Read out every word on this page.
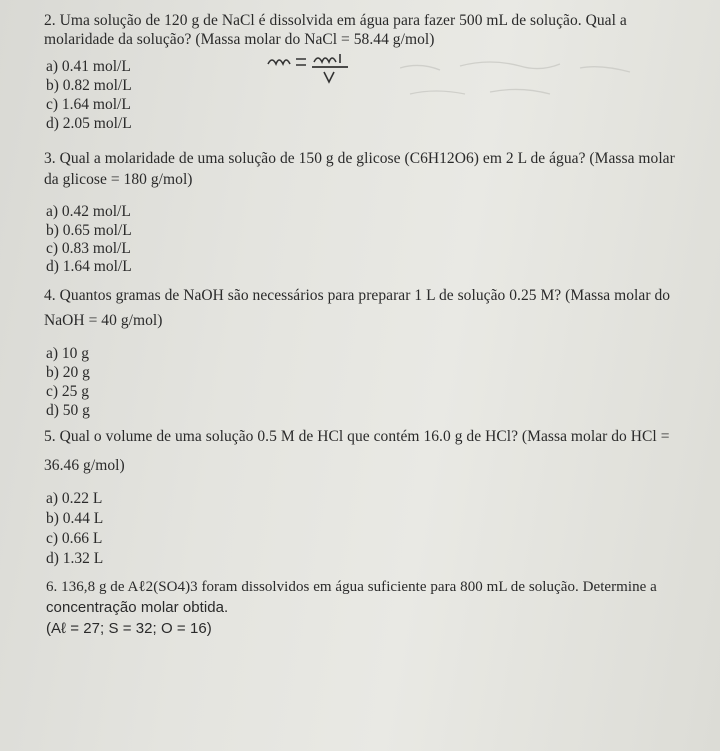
2. Uma solução de 120 g de NaCl é dissolvida em água para fazer 500 mL de solução. Qual a
molaridade da solução? (Massa molar do NaCl = 58.44 g/mol)
a) 0.41 mol/L
b) 0.82 mol/L
c) 1.64 mol/L
d) 2.05 mol/L
3. Qual a molaridade de uma solução de 150 g de glicose (C6H12O6) em 2 L de água? (Massa molar
da glicose = 180 g/mol)
a) 0.42 mol/L
b) 0.65 mol/L
c) 0.83 mol/L
d) 1.64 mol/L
4. Quantos gramas de NaOH são necessários para preparar 1 L de solução 0.25 M? (Massa molar do
NaOH = 40 g/mol)
a) 10 g
b) 20 g
c) 25 g
d) 50 g
5. Qual o volume de uma solução 0.5 M de HCl que contém 16.0 g de HCl? (Massa molar do HCl =
36.46 g/mol)
a) 0.22 L
b) 0.44 L
c) 0.66 L
d) 1.32 L
6. 136,8 g de Aℓ2(SO4)3 foram dissolvidos em água suficiente para 800 mL de solução. Determine a
concentração molar obtida.
(Aℓ = 27; S = 32; O = 16)
